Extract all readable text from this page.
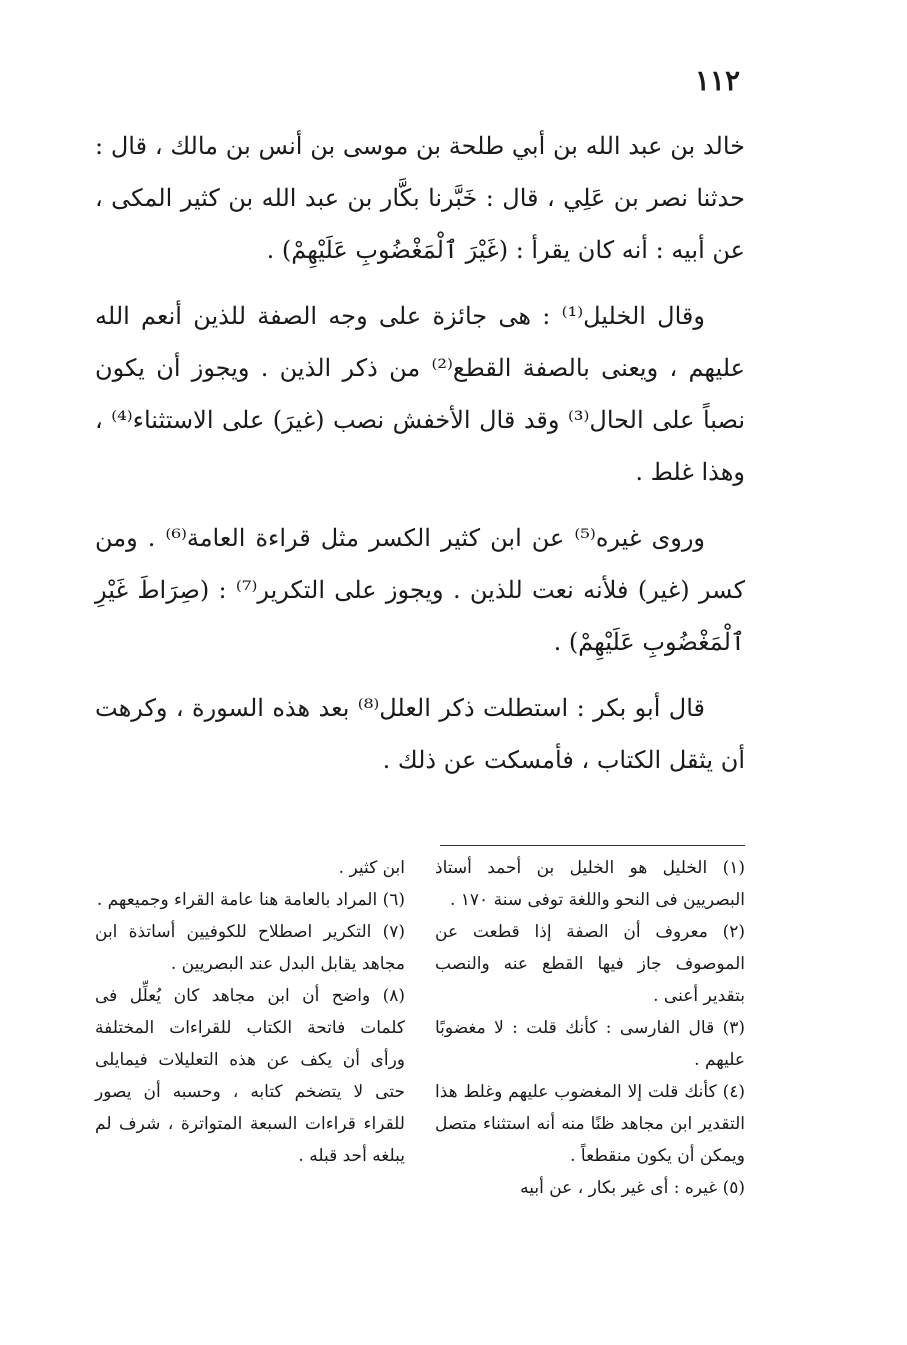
١١٢

خالد بن عبد الله بن أبي طلحة بن موسى بن أنس بن مالك ، قال : حدثنا نصر بن عَلِي ، قال : خَبَّرنا بكَّار بن عبد الله بن كثير المكى ، عن أبيه : أنه كان يقرأ : (غَيْرَ ٱلْمَغْضُوبِ عَلَيْهِمْ) .

وقال الخليل⁽¹⁾ : هى جائزة على وجه الصفة للذين أنعم الله عليهم ، ويعنى بالصفة القطع⁽²⁾ من ذكر الذين . ويجوز أن يكون نصباً على الحال⁽³⁾ وقد قال الأخفش نصب (غيرَ) على الاستثناء⁽⁴⁾ ، وهذا غلط .

وروى غيره⁽⁵⁾ عن ابن كثير الكسر مثل قراءة العامة⁽⁶⁾ . ومن كسر (غير) فلأنه نعت للذين . ويجوز على التكرير⁽⁷⁾ : (صِرَاطَ غَيْرِ ٱلْمَغْضُوبِ عَلَيْهِمْ) .

قال أبو بكر : استطلت ذكر العلل⁽⁸⁾ بعد هذه السورة ، وكرهت أن يثقل الكتاب ، فأمسكت عن ذلك .

(١) الخليل هو الخليل بن أحمد أستاذ البصريين فى النحو واللغة توفى سنة ١٧٠ .

(٢) معروف أن الصفة إذا قطعت عن الموصوف جاز فيها القطع عنه والنصب بتقدير أعنى .

(٣) قال الفارسى : كأنك قلت : لا مغضوبًا عليهم .

(٤) كأنك قلت إلا المغضوب عليهم وغلط هذا التقدير ابن مجاهد ظنًا منه أنه استثناء متصل ويمكن أن يكون منقطعاً .

(٥) غيره : أى غير بكار ، عن أبيه

ابن كثير .

(٦) المراد بالعامة هنا عامة القراء وجميعهم .

(٧) التكرير اصطلاح للكوفيين أساتذة ابن مجاهد يقابل البدل عند البصريين .

(٨) واضح أن ابن مجاهد كان يُعلِّل فى كلمات فاتحة الكتاب للقراءات المختلفة ورأى أن يكف عن هذه التعليلات فيمايلى حتى لا يتضخم كتابه ، وحسبه أن يصور للقراء قراءات السبعة المتواترة ، شرف لم يبلغه أحد قبله .
